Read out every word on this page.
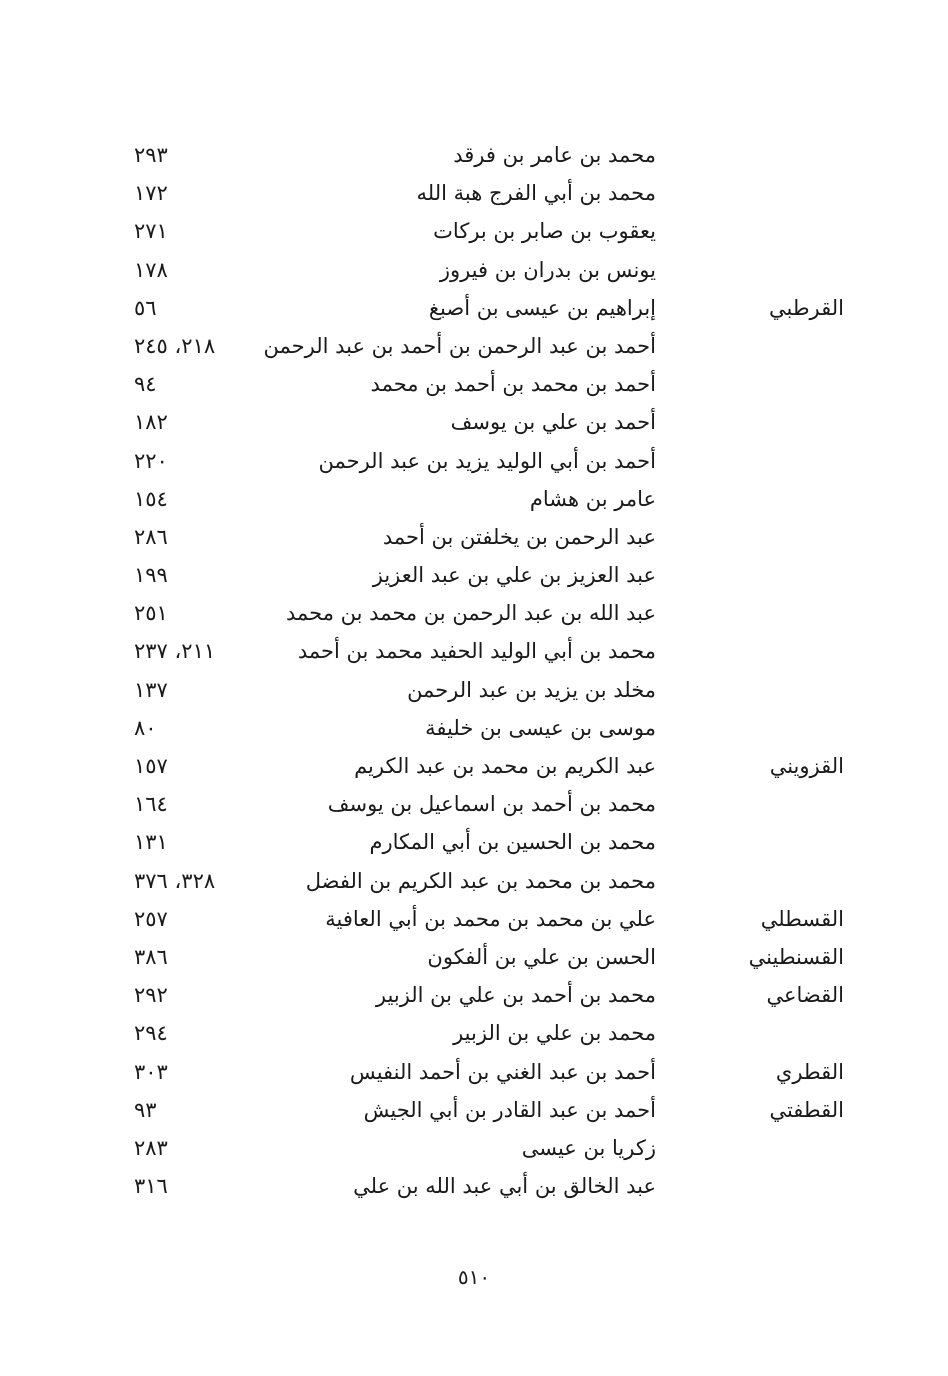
محمد بن عامر بن فرقد
٢٩٣
محمد بن أبي الفرج هبة الله
١٧٢
يعقوب بن صابر بن بركات
٢٧١
يونس بن بدران بن فيروز
١٧٨
القرطبي
إبراهيم بن عيسى بن أصبغ
٥٦
أحمد بن عبد الرحمن بن أحمد بن عبد الرحمن
٢١٨، ٢٤٥
أحمد بن محمد بن أحمد بن محمد
٩٤
أحمد بن علي بن يوسف
١٨٢
أحمد بن أبي الوليد يزيد بن عبد الرحمن
٢٢٠
عامر بن هشام
١٥٤
عبد الرحمن بن يخلفتن بن أحمد
٢٨٦
عبد العزيز بن علي بن عبد العزيز
١٩٩
عبد الله بن عبد الرحمن بن محمد بن محمد
٢٥١
محمد بن أبي الوليد الحفيد محمد بن أحمد
٢١١، ٢٣٧
مخلد بن يزيد بن عبد الرحمن
١٣٧
موسى بن عيسى بن خليفة
٨٠
القزويني
عبد الكريم بن محمد بن عبد الكريم
١٥٧
محمد بن أحمد بن اسماعيل بن يوسف
١٦٤
محمد بن الحسين بن أبي المكارم
١٣١
محمد بن محمد بن عبد الكريم بن الفضل
٣٢٨، ٣٧٦
القسطلي
علي بن محمد بن محمد بن أبي العافية
٢٥٧
القسنطيني
الحسن بن علي بن ألفكون
٣٨٦
القضاعي
محمد بن أحمد بن علي بن الزبير
٢٩٢
محمد بن علي بن الزبير
٢٩٤
القطري
أحمد بن عبد الغني بن أحمد النفيس
٣٠٣
القطفتي
أحمد بن عبد القادر بن أبي الجيش
٩٣
زكريا بن عيسى
٢٨٣
عبد الخالق بن أبي عبد الله بن علي
٣١٦
٥١٠
